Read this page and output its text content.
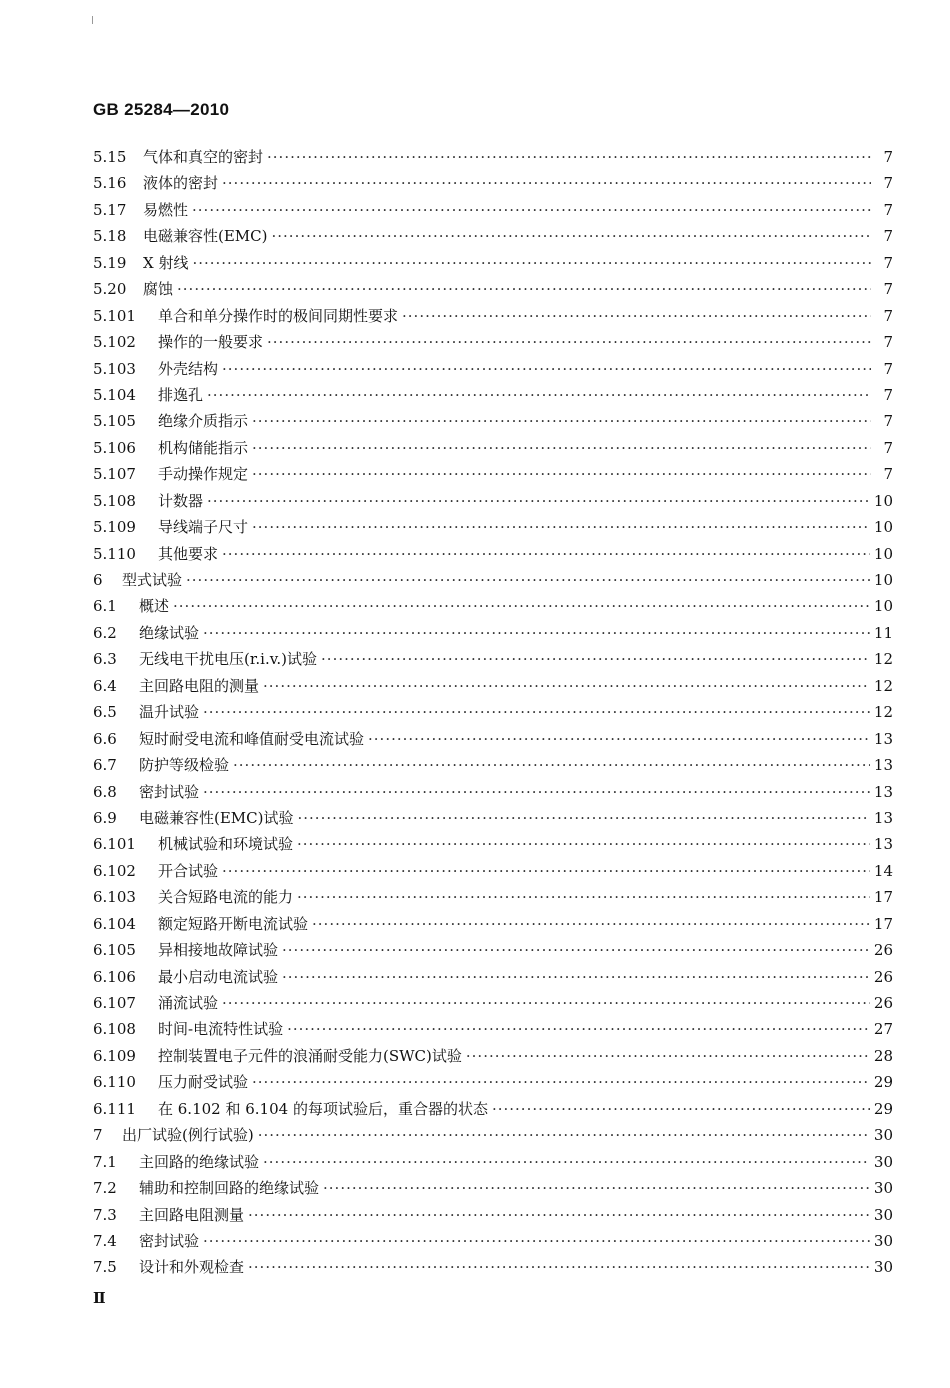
GB 25284—2010
5.15	气体和真空的密封 ·····	7
5.16	液体的密封 ·····	7
5.17	易燃性 ·····	7
5.18	电磁兼容性(EMC) ·····	7
5.19	X 射线 ·····	7
5.20	腐蚀 ·····	7
5.101	单合和单分操作时的极间同期性要求 ·····	7
5.102	操作的一般要求 ·····	7
5.103	外壳结构 ·····	7
5.104	排逸孔 ·····	7
5.105	绝缘介质指示 ·····	7
5.106	机构储能指示 ·····	7
5.107	手动操作规定 ·····	7
5.108	计数器 ·····	10
5.109	导线端子尺寸 ·····	10
5.110	其他要求 ·····	10
6	型式试验 ·····	10
6.1	概述 ·····	10
6.2	绝缘试验 ·····	11
6.3	无线电干扰电压(r.i.v.)试验 ·····	12
6.4	主回路电阻的测量 ·····	12
6.5	温升试验 ·····	12
6.6	短时耐受电流和峰值耐受电流试验 ·····	13
6.7	防护等级检验 ·····	13
6.8	密封试验 ·····	13
6.9	电磁兼容性(EMC)试验 ·····	13
6.101	机械试验和环境试验 ·····	13
6.102	开合试验 ·····	14
6.103	关合短路电流的能力 ·····	17
6.104	额定短路开断电流试验 ·····	17
6.105	异相接地故障试验 ·····	26
6.106	最小启动电流试验 ·····	26
6.107	涌流试验 ·····	26
6.108	时间-电流特性试验 ·····	27
6.109	控制装置电子元件的浪涌耐受能力(SWC)试验 ·····	28
6.110	压力耐受试验 ·····	29
6.111	在 6.102 和 6.104 的每项试验后，重合器的状态 ·····	29
7	出厂试验(例行试验) ·····	30
7.1	主回路的绝缘试验 ·····	30
7.2	辅助和控制回路的绝缘试验 ·····	30
7.3	主回路电阻测量 ·····	30
7.4	密封试验 ·····	30
7.5	设计和外观检查 ·····	30
Ⅱ
